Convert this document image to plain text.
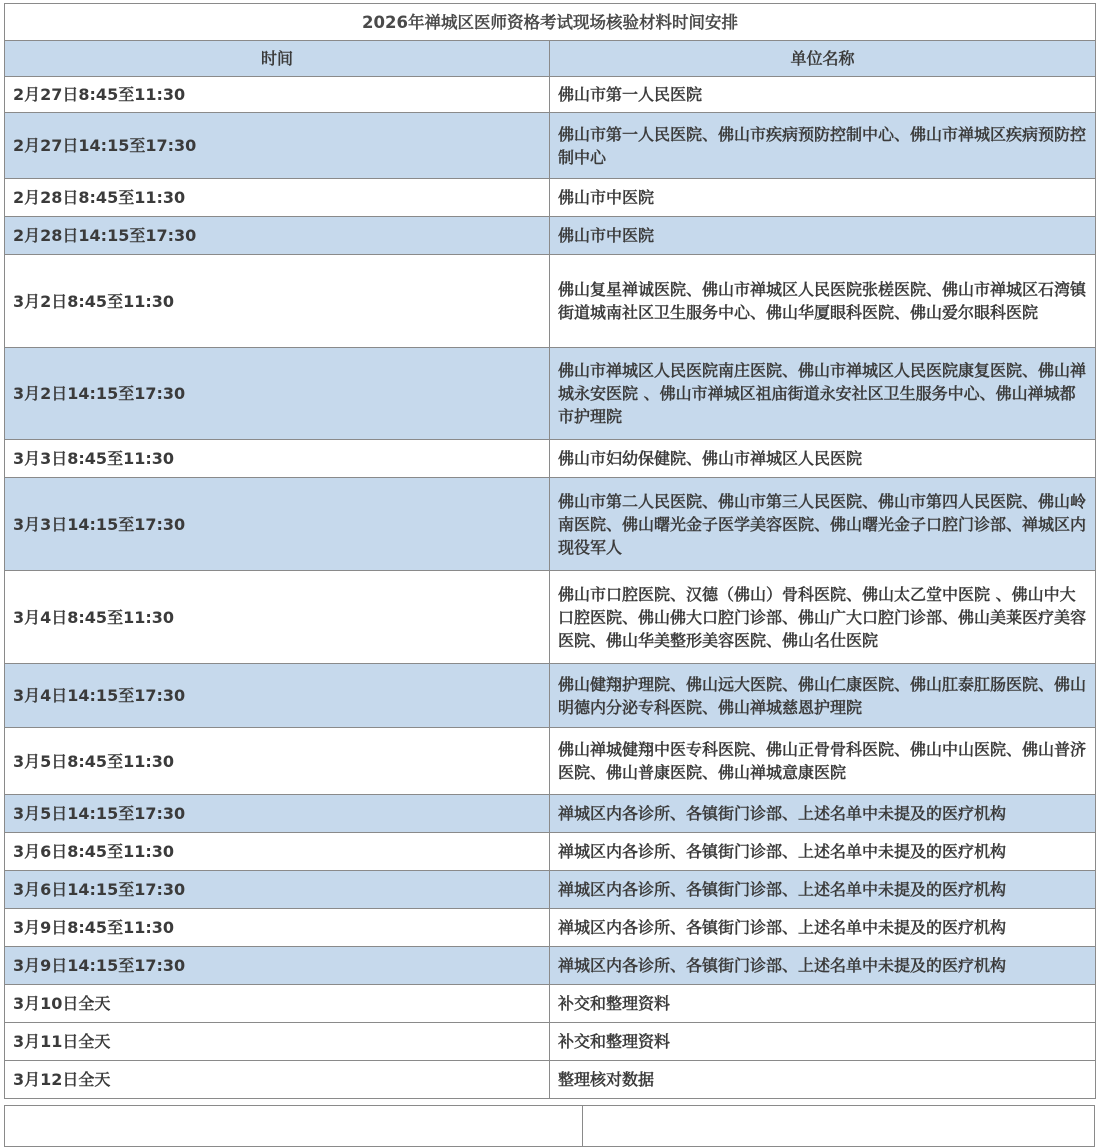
2026年禅城区医师资格考试现场核验材料时间安排	
时间	单位名称
2月27日8:45至11:30	佛山市第一人民医院
2月27日14:15至17:30	佛山市第一人民医院、佛山市疾病预防控制中心、佛山市禅城区疾病预防控制中心
2月28日8:45至11:30	佛山市中医院
2月28日14:15至17:30	佛山市中医院
3月2日8:45至11:30	佛山复星禅诚医院、佛山市禅城区人民医院张槎医院、佛山市禅城区石湾镇街道城南社区卫生服务中心、佛山华厦眼科医院、佛山爱尔眼科医院
3月2日14:15至17:30	佛山市禅城区人民医院南庄医院、佛山市禅城区人民医院康复医院、佛山禅城永安医院 、佛山市禅城区祖庙街道永安社区卫生服务中心、佛山禅城都市护理院
3月3日8:45至11:30	佛山市妇幼保健院、佛山市禅城区人民医院
3月3日14:15至17:30	佛山市第二人民医院、佛山市第三人民医院、佛山市第四人民医院、佛山岭南医院、佛山曙光金子医学美容医院、佛山曙光金子口腔门诊部、禅城区内现役军人
3月4日8:45至11:30	佛山市口腔医院、汉德（佛山）骨科医院、佛山太乙堂中医院 、佛山中大口腔医院、佛山佛大口腔门诊部、佛山广大口腔门诊部、佛山美莱医疗美容医院、佛山华美整形美容医院、佛山名仕医院
3月4日14:15至17:30	佛山健翔护理院、佛山远大医院、佛山仁康医院、佛山肛泰肛肠医院、佛山明德内分泌专科医院、佛山禅城慈恩护理院
3月5日8:45至11:30	佛山禅城健翔中医专科医院、佛山正骨骨科医院、佛山中山医院、佛山普济医院、佛山普康医院、佛山禅城意康医院
3月5日14:15至17:30	禅城区内各诊所、各镇街门诊部、上述名单中未提及的医疗机构
3月6日8:45至11:30	禅城区内各诊所、各镇街门诊部、上述名单中未提及的医疗机构
3月6日14:15至17:30	禅城区内各诊所、各镇街门诊部、上述名单中未提及的医疗机构
3月9日8:45至11:30	禅城区内各诊所、各镇街门诊部、上述名单中未提及的医疗机构
3月9日14:15至17:30	禅城区内各诊所、各镇街门诊部、上述名单中未提及的医疗机构
3月10日全天	补交和整理资料
3月11日全天	补交和整理资料
3月12日全天	整理核对数据
